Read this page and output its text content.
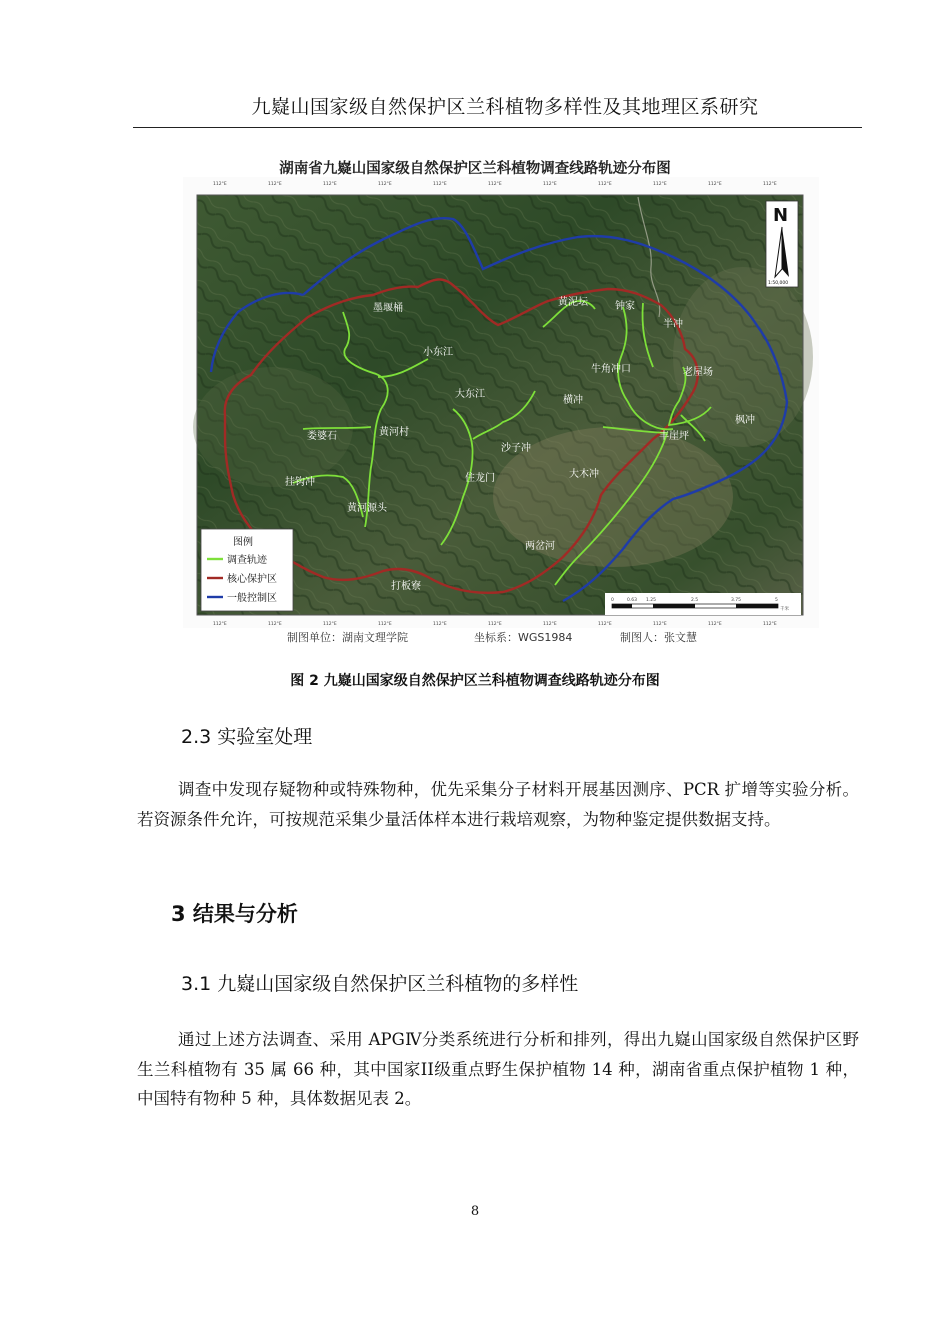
九嶷山国家级自然保护区兰科植物多样性及其地理区系研究
湖南省九嶷山国家级自然保护区兰科植物调查线路轨迹分布图
112°E	112°E	112°E	112°E	112°E	112°E	112°E	112°E	112°E	112°E	112°E
112°E	112°E	112°E	112°E	112°E	112°E	112°E	112°E	112°E	112°E	112°E
墨堰桶
小东江
黄泥坛	钟家
半冲
牛角冲口	老屋场
大东江
横冲
枫冲
娄婆石	黄河村
沙子冲
丰崖坪
挂钩冲	住龙门	大木冲
黄河源头
两岔河
打板寮
N
1:50,000
0	0.63 1.25	2.5	3.75	5
千米
图例
调查轨迹
核心保护区
一般控制区
制图单位：湖南文理学院	坐标系：WGS1984	制图人：张文慧
图 2 九嶷山国家级自然保护区兰科植物调查线路轨迹分布图
2.3 实验室处理
调查中发现存疑物种或特殊物种，优先采集分子材料开展基因测序、PCR 扩增等实验分析。若资源条件允许，可按规范采集少量活体样本进行栽培观察，为物种鉴定提供数据支持。
3 结果与分析
3.1 九嶷山国家级自然保护区兰科植物的多样性
通过上述方法调查、采用 APGⅣ分类系统进行分析和排列，得出九嶷山国家级自然保护区野生兰科植物有 35 属 66 种，其中国家II级重点野生保护植物 14 种，湖南省重点保护植物 1 种，中国特有物种 5 种，具体数据见表 2。
8
